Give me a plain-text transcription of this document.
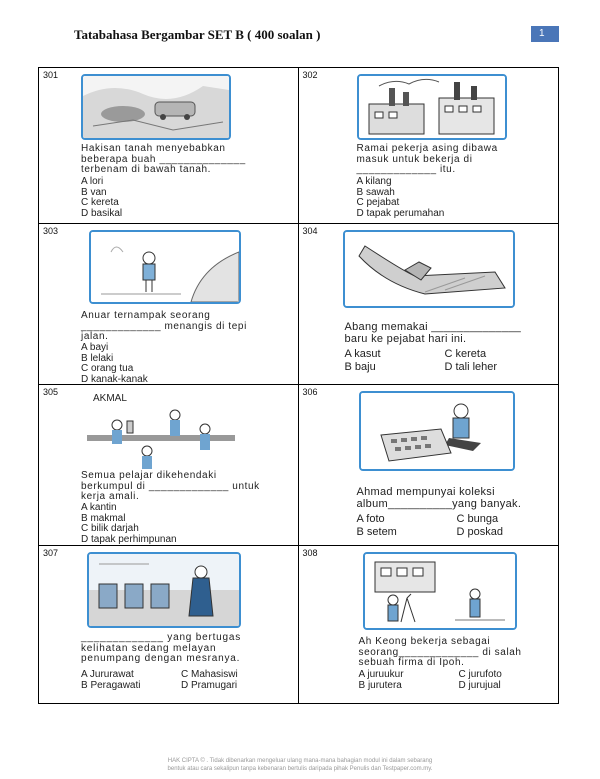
Tatabahasa Bergambar SET B ( 400 soalan )	1
301
Hakisan tanah menyebabkan
beberapa buah ______________
terbenam di bawah tanah.
A lori
B van
C kereta
D basikal
302
Ramai pekerja asing dibawa
masuk untuk bekerja di
_____________ itu.
A kilang
B sawah
C pejabat
D tapak perumahan
303
Anuar ternampak seorang
_____________ menangis di tepi
jalan.
A bayi
B lelaki
C orang tua
D kanak-kanak
304
Abang memakai ______________
baru ke pejabat hari ini.
A kasut	C kereta B baju	D tali leher
305
AKMAL
Semua pelajar dikehendaki
berkumpul di _____________ untuk
kerja amali.
A kantin
B makmal
C bilik darjah
D tapak perhimpunan
306
Ahmad mempunyai koleksi
album__________yang banyak.
A foto	C bunga B setem	D poskad
307
_____________ yang bertugas
kelihatan sedang melayan
penumpang dengan mesranya.
A Jururawat	C Mahasiswi B Peragawati	D Pramugari
308
Ah Keong bekerja sebagai
seorang_____________ di salah
sebuah firma di Ipoh.
A juruukur	C jurufoto B jurutera	D jurujual
HAK CIPTA © . Tidak dibenarkan mengeluar ulang mana-mana bahagian modul ini dalam sebarang
bentuk atau cara sekalipun tanpa kebenaran bertulis daripada pihak Penulis dan Testpaper.com.my.
